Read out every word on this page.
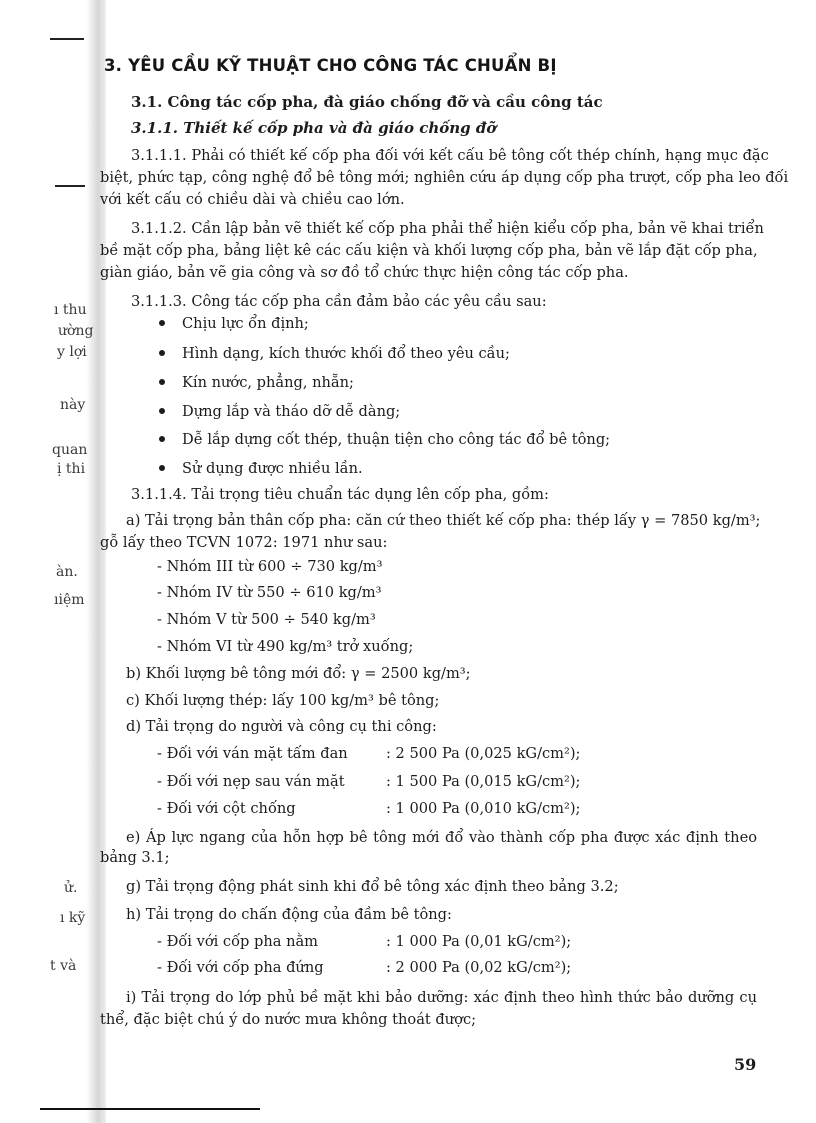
ı thu
ường
y lợi
này
quan
ị thi
àn.
ıiệm
ử.
ı kỹ
t và
3. YÊU CẦU KỸ THUẬT CHO CÔNG TÁC CHUẨN BỊ
3.1. Công tác cốp pha, đà giáo chống đỡ và cầu công tác
3.1.1. Thiết kế cốp pha và đà giáo chống đỡ
3.1.1.1. Phải có thiết kế cốp pha đối với kết cấu bê tông cốt thép chính, hạng mục đặc
biệt, phức tạp, công nghệ đổ bê tông mới; nghiên cứu áp dụng cốp pha trượt, cốp pha leo đối
với kết cấu có chiều dài và chiều cao lớn.
3.1.1.2. Cần lập bản vẽ thiết kế cốp pha phải thể hiện kiểu cốp pha, bản vẽ khai triển
bề mặt cốp pha, bảng liệt kê các cấu kiện và khối lượng cốp pha, bản vẽ lắp đặt cốp pha,
giàn giáo, bản vẽ gia công và sơ đồ tổ chức thực hiện công tác cốp pha.
3.1.1.3. Công tác cốp pha cần đảm bảo các yêu cầu sau:
Chịu lực ổn định;
Hình dạng, kích thước khối đổ theo yêu cầu;
Kín nước, phẳng, nhẵn;
Dựng lắp và tháo dỡ dễ dàng;
Dễ lắp dựng cốt thép, thuận tiện cho công tác đổ bê tông;
Sử dụng được nhiều lần.
3.1.1.4. Tải trọng tiêu chuẩn tác dụng lên cốp pha, gồm:
a) Tải trọng bản thân cốp pha: căn cứ theo thiết kế cốp pha: thép lấy γ = 7850 kg/m³;
gỗ lấy theo TCVN 1072: 1971 như sau:
- Nhóm III từ 600 ÷ 730 kg/m³
- Nhóm IV từ 550 ÷ 610 kg/m³
- Nhóm V từ 500 ÷ 540 kg/m³
- Nhóm VI từ 490 kg/m³ trở xuống;
b) Khối lượng bê tông mới đổ: γ = 2500 kg/m³;
c) Khối lượng thép: lấy 100 kg/m³ bê tông;
d) Tải trọng do người và công cụ thi công:
- Đối với ván mặt tấm đan	: 2 500 Pa (0,025 kG/cm²);
- Đối với nẹp sau ván mặt	: 1 500 Pa (0,015 kG/cm²);
- Đối với cột chống	: 1 000 Pa (0,010 kG/cm²);
e) Áp lực ngang của hỗn hợp bê tông mới đổ vào thành cốp pha được xác định theo
bảng 3.1;
g) Tải trọng động phát sinh khi đổ bê tông xác định theo bảng 3.2;
h) Tải trọng do chấn động của đầm bê tông:
- Đối với cốp pha nằm	: 1 000 Pa (0,01 kG/cm²);
- Đối với cốp pha đứng	: 2 000 Pa (0,02 kG/cm²);
i) Tải trọng do lớp phủ bề mặt khi bảo dưỡng: xác định theo hình thức bảo dưỡng cụ
thể, đặc biệt chú ý do nước mưa không thoát được;
59
